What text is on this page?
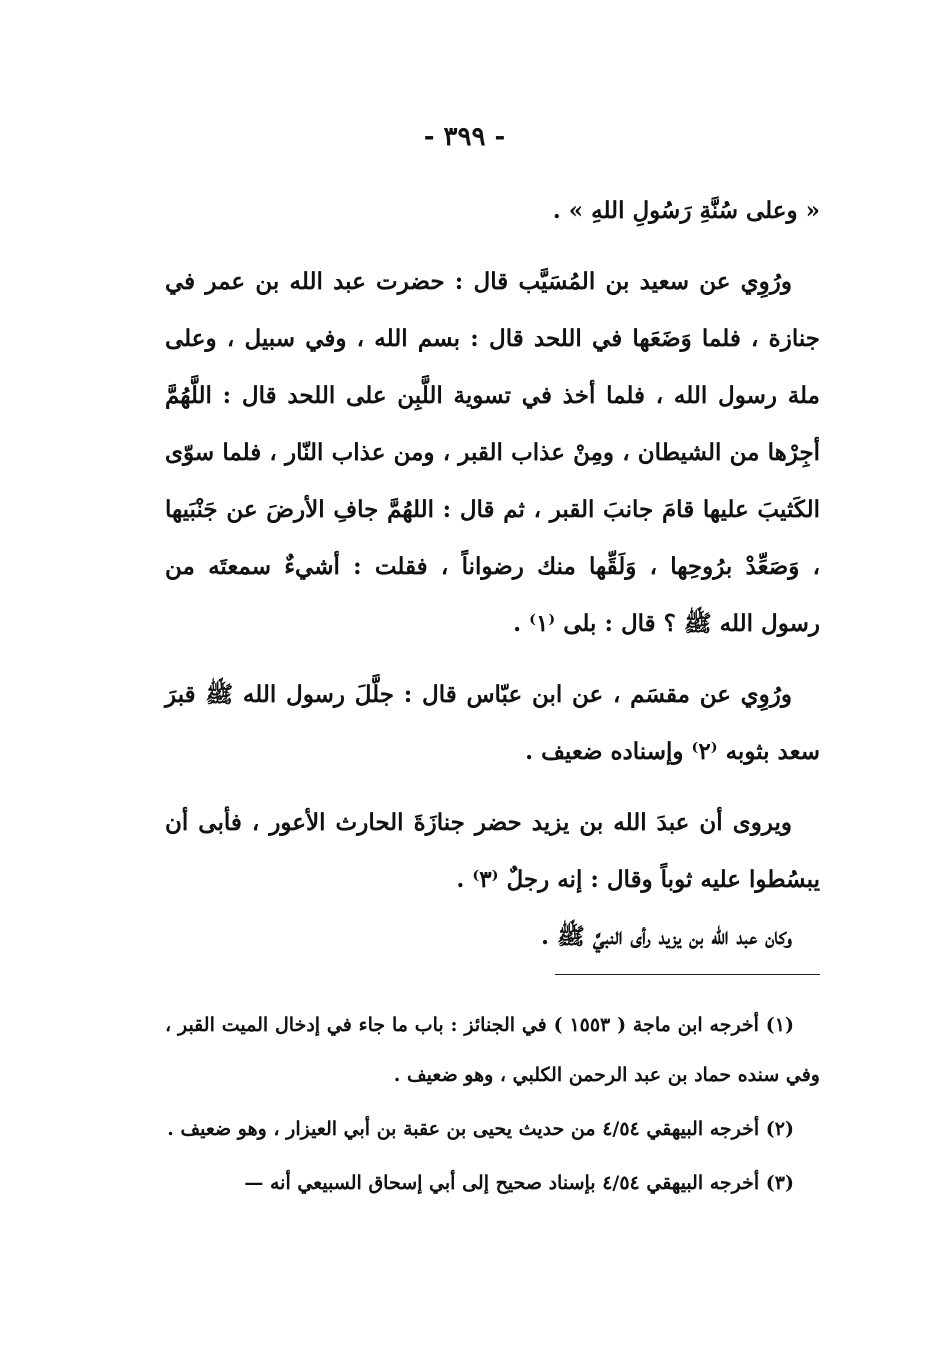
- ٣٩٩ -

« وعلى سُنَّةِ رَسُولِ اللهِ » .

ورُوِي عن سعيد بن المُسَيَّب قال : حضرت عبد الله بن عمر في جنازة ، فلما وَضَعَها في اللحد قال : بسم الله ، وفي سبيل ، وعلى ملة رسول الله ، فلما أخذ في تسوية اللَّبِن على اللحد قال : اللَّهُمَّ أجِرْها من الشيطان ، ومِنْ عذاب القبر ، ومن عذاب النّار ، فلما سوّى الكَثيبَ عليها قامَ جانبَ القبر ، ثم قال : اللهُمَّ جافِ الأرضَ عن جَنْبَيها ، وَصَعِّدْ برُوحِها ، وَلَقِّها منك رضواناً ، فقلت : أشيءٌ سمعتَه من رسول الله ﷺ ؟ قال : بلى ⁽١⁾ .

ورُوِي عن مقسَم ، عن ابن عبّاس قال : جلَّلَ رسول الله ﷺ قبرَ سعد بثوبه ⁽٢⁾ وإسناده ضعيف .

ويروى أن عبدَ الله بن يزيد حضر جنازَةَ الحارث الأعور ، فأبى أن يبسُطوا عليه ثوباً وقال : إنه رجلٌ ⁽٣⁾ .

وكان عبد الله بن يزيد رأى النبيَّ ﷺ .

(١) أخرجه ابن ماجة ( ١٥٥٣ ) في الجنائز : باب ما جاء في إدخال الميت القبر ، وفي سنده حماد بن عبد الرحمن الكلبي ، وهو ضعيف .

(٢) أخرجه البيهقي ٤/٥٤ من حديث يحيى بن عقبة بن أبي العيزار ، وهو ضعيف .

(٣) أخرجه البيهقي ٤/٥٤ بإسناد صحيح إلى أبي إسحاق السبيعي أنه —
